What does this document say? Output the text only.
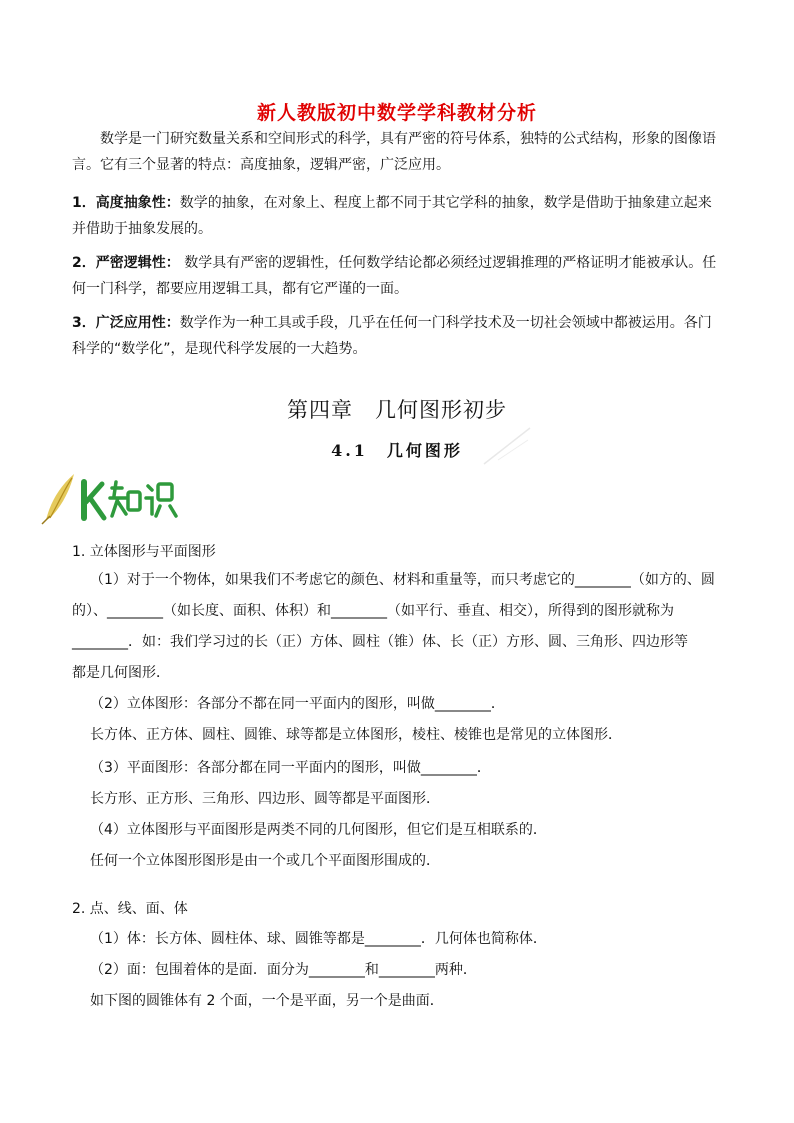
新人教版初中数学学科教材分析

　　数学是一门研究数量关系和空间形式的科学，具有严密的符号体系，独特的公式结构，形象的图像语言。它有三个显著的特点：高度抽象，逻辑严密，广泛应用。

1．高度抽象性：数学的抽象，在对象上、程度上都不同于其它学科的抽象，数学是借助于抽象建立起来并借助于抽象发展的。

2．严密逻辑性： 数学具有严密的逻辑性，任何数学结论都必须经过逻辑推理的严格证明才能被承认。任何一门科学，都要应用逻辑工具，都有它严谨的一面。

3．广泛应用性：数学作为一种工具或手段，几乎在任何一门科学技术及一切社会领域中都被运用。各门科学的“数学化”，是现代科学发展的一大趋势。

第四章　几何图形初步
4.1　几何图形
1. 立体图形与平面图形

（1）对于一个物体，如果我们不考虑它的颜色、材料和重量等，而只考虑它的________（如方的、圆

的）、________（如长度、面积、体积）和________（如平行、垂直、相交），所得到的图形就称为

________．如：我们学习过的长（正）方体、圆柱（锥）体、长（正）方形、圆、三角形、四边形等

都是几何图形．

（2）立体图形：各部分不都在同一平面内的图形，叫做________．

长方体、正方体、圆柱、圆锥、球等都是立体图形，棱柱、棱锥也是常见的立体图形．

（3）平面图形：各部分都在同一平面内的图形，叫做________．

长方形、正方形、三角形、四边形、圆等都是平面图形．

（4）立体图形与平面图形是两类不同的几何图形，但它们是互相联系的．

任何一个立体图形图形是由一个或几个平面图形围成的．

2. 点、线、面、体

（1）体：长方体、圆柱体、球、圆锥等都是________．几何体也简称体．

（2）面：包围着体的是面．面分为________和________两种．

如下图的圆锥体有 2 个面，一个是平面，另一个是曲面．
